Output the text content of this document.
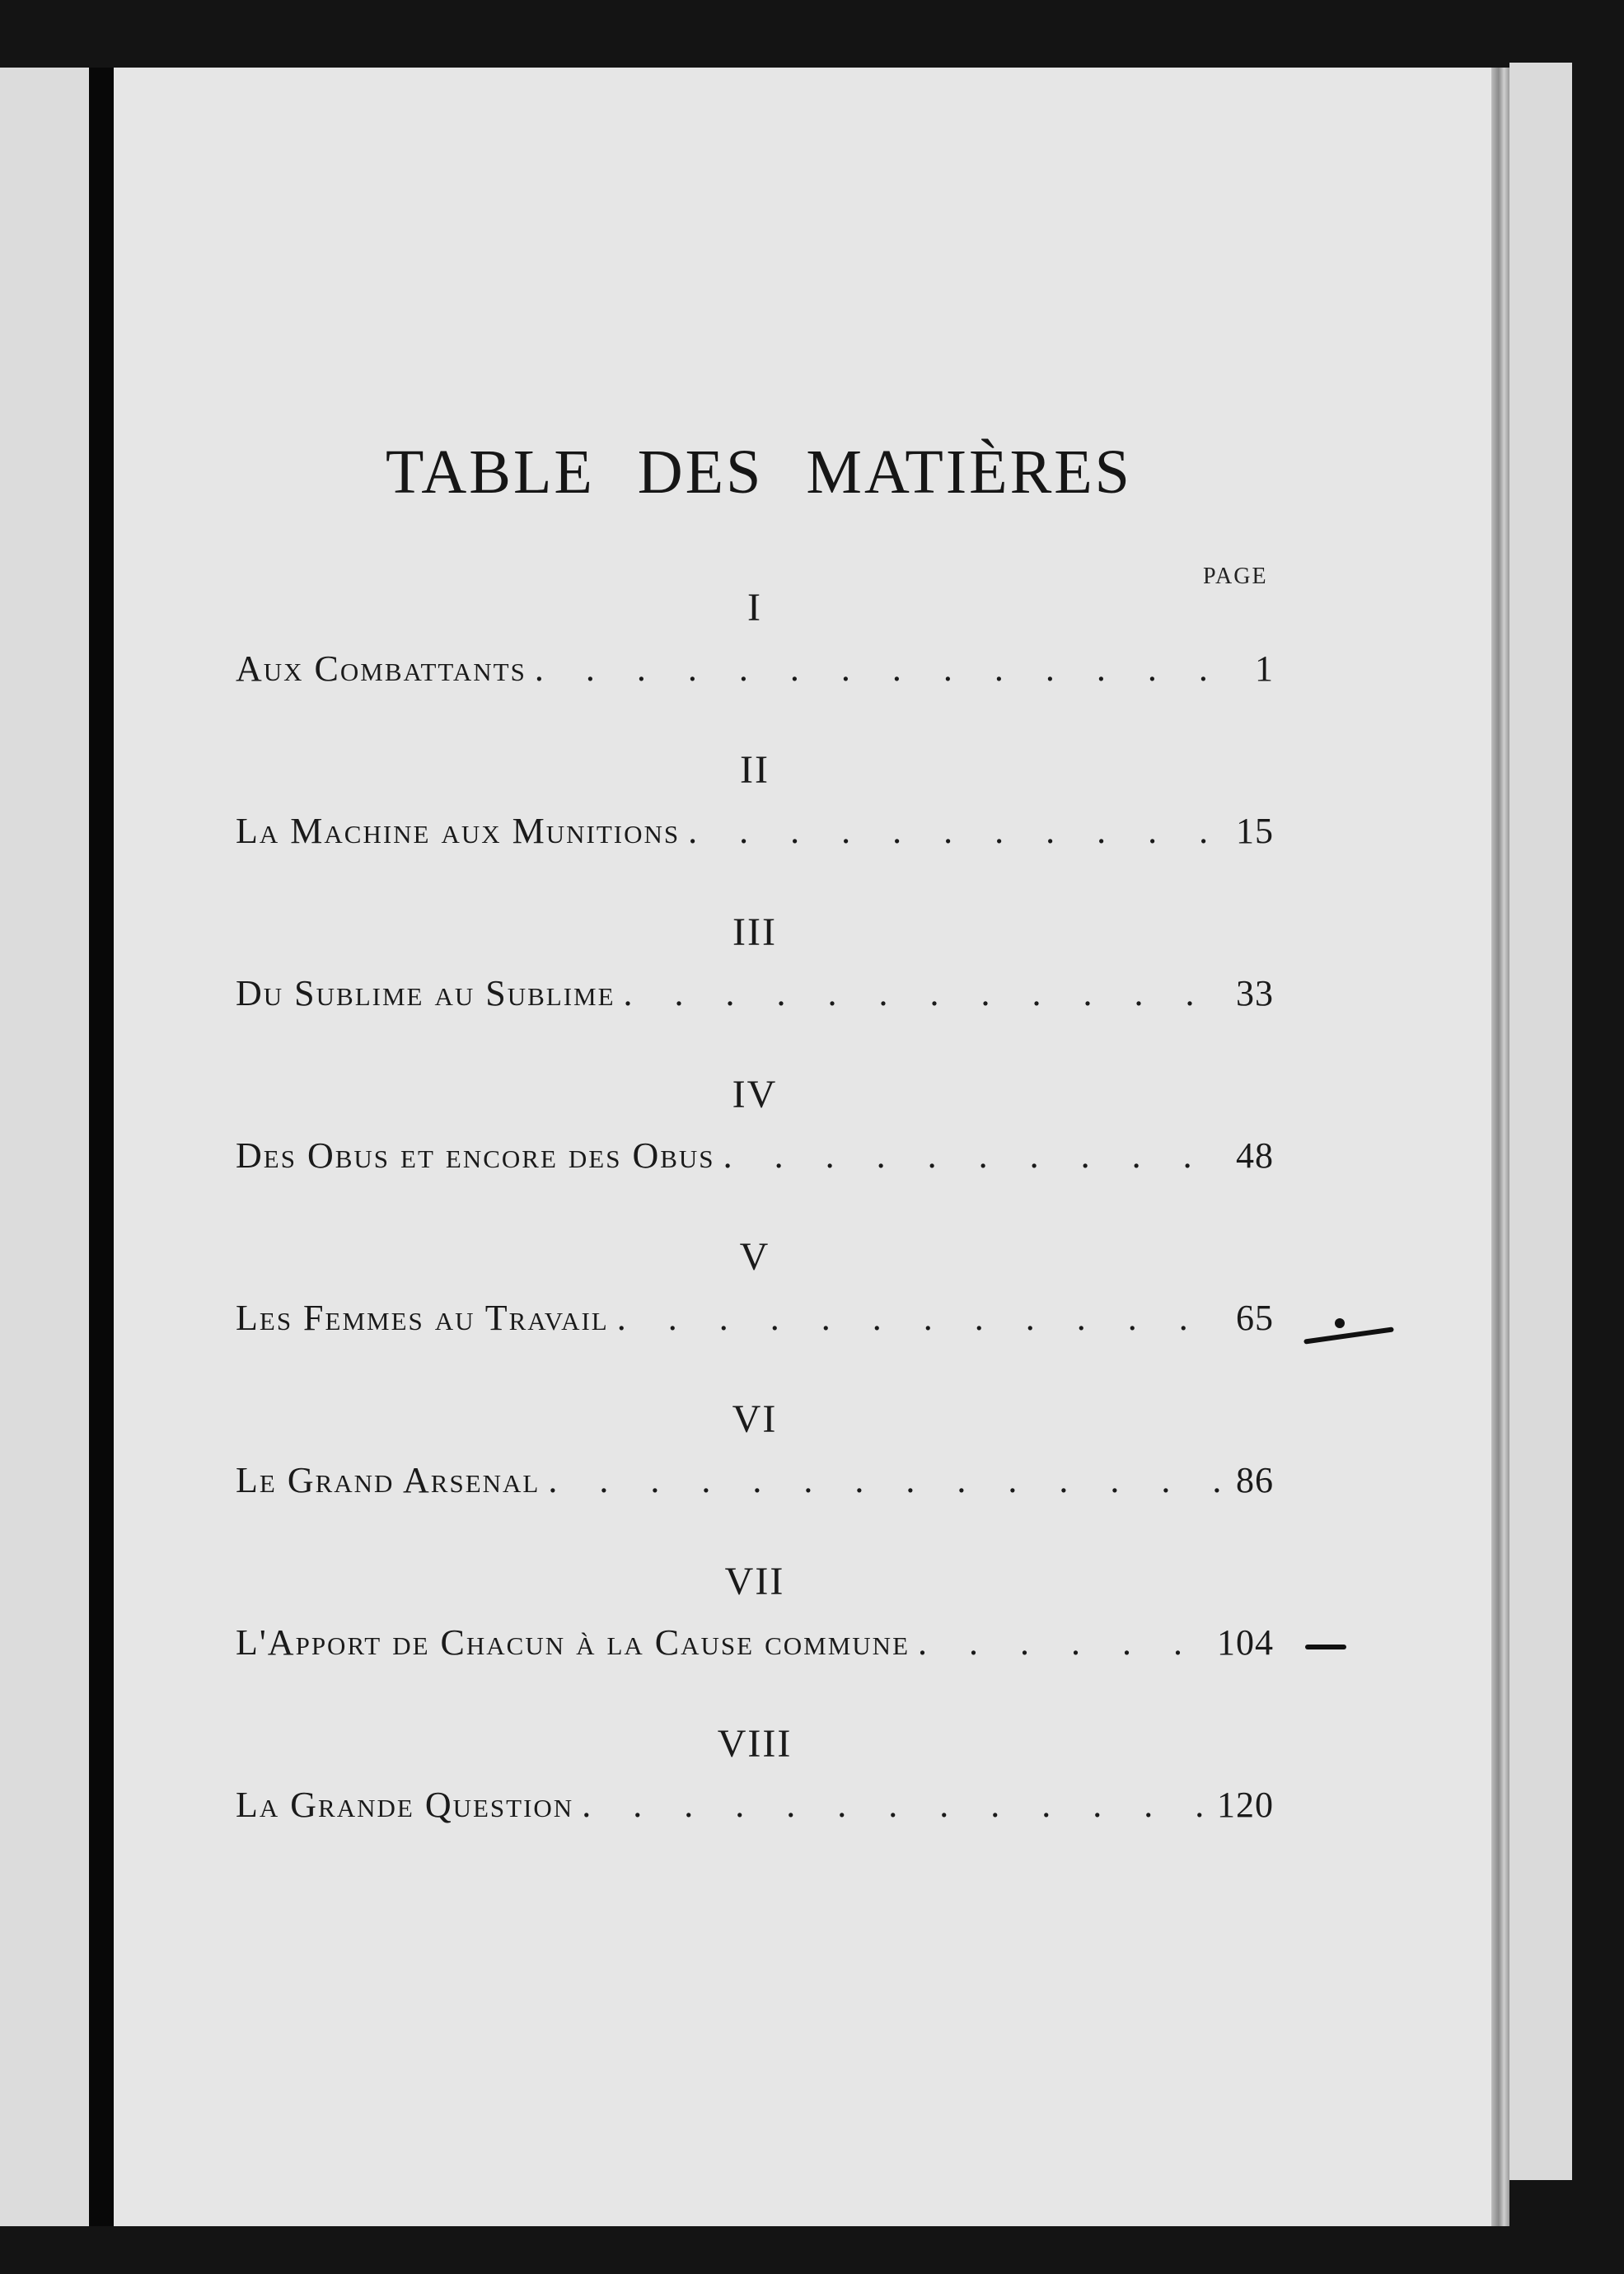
TABLE DES MATIÈRES
PAGE
I
Aux Combattants . . .	1
II
La Machine aux Munitions . . .	15
III
Du Sublime au Sublime . . .	33
IV
Des Obus et encore des Obus . . .	48
V
Les Femmes au Travail . . .	65
VI
Le Grand Arsenal . . .	86
VII
L'Apport de Chacun à la Cause commune . . .	104
VIII
La Grande Question . . .	120
